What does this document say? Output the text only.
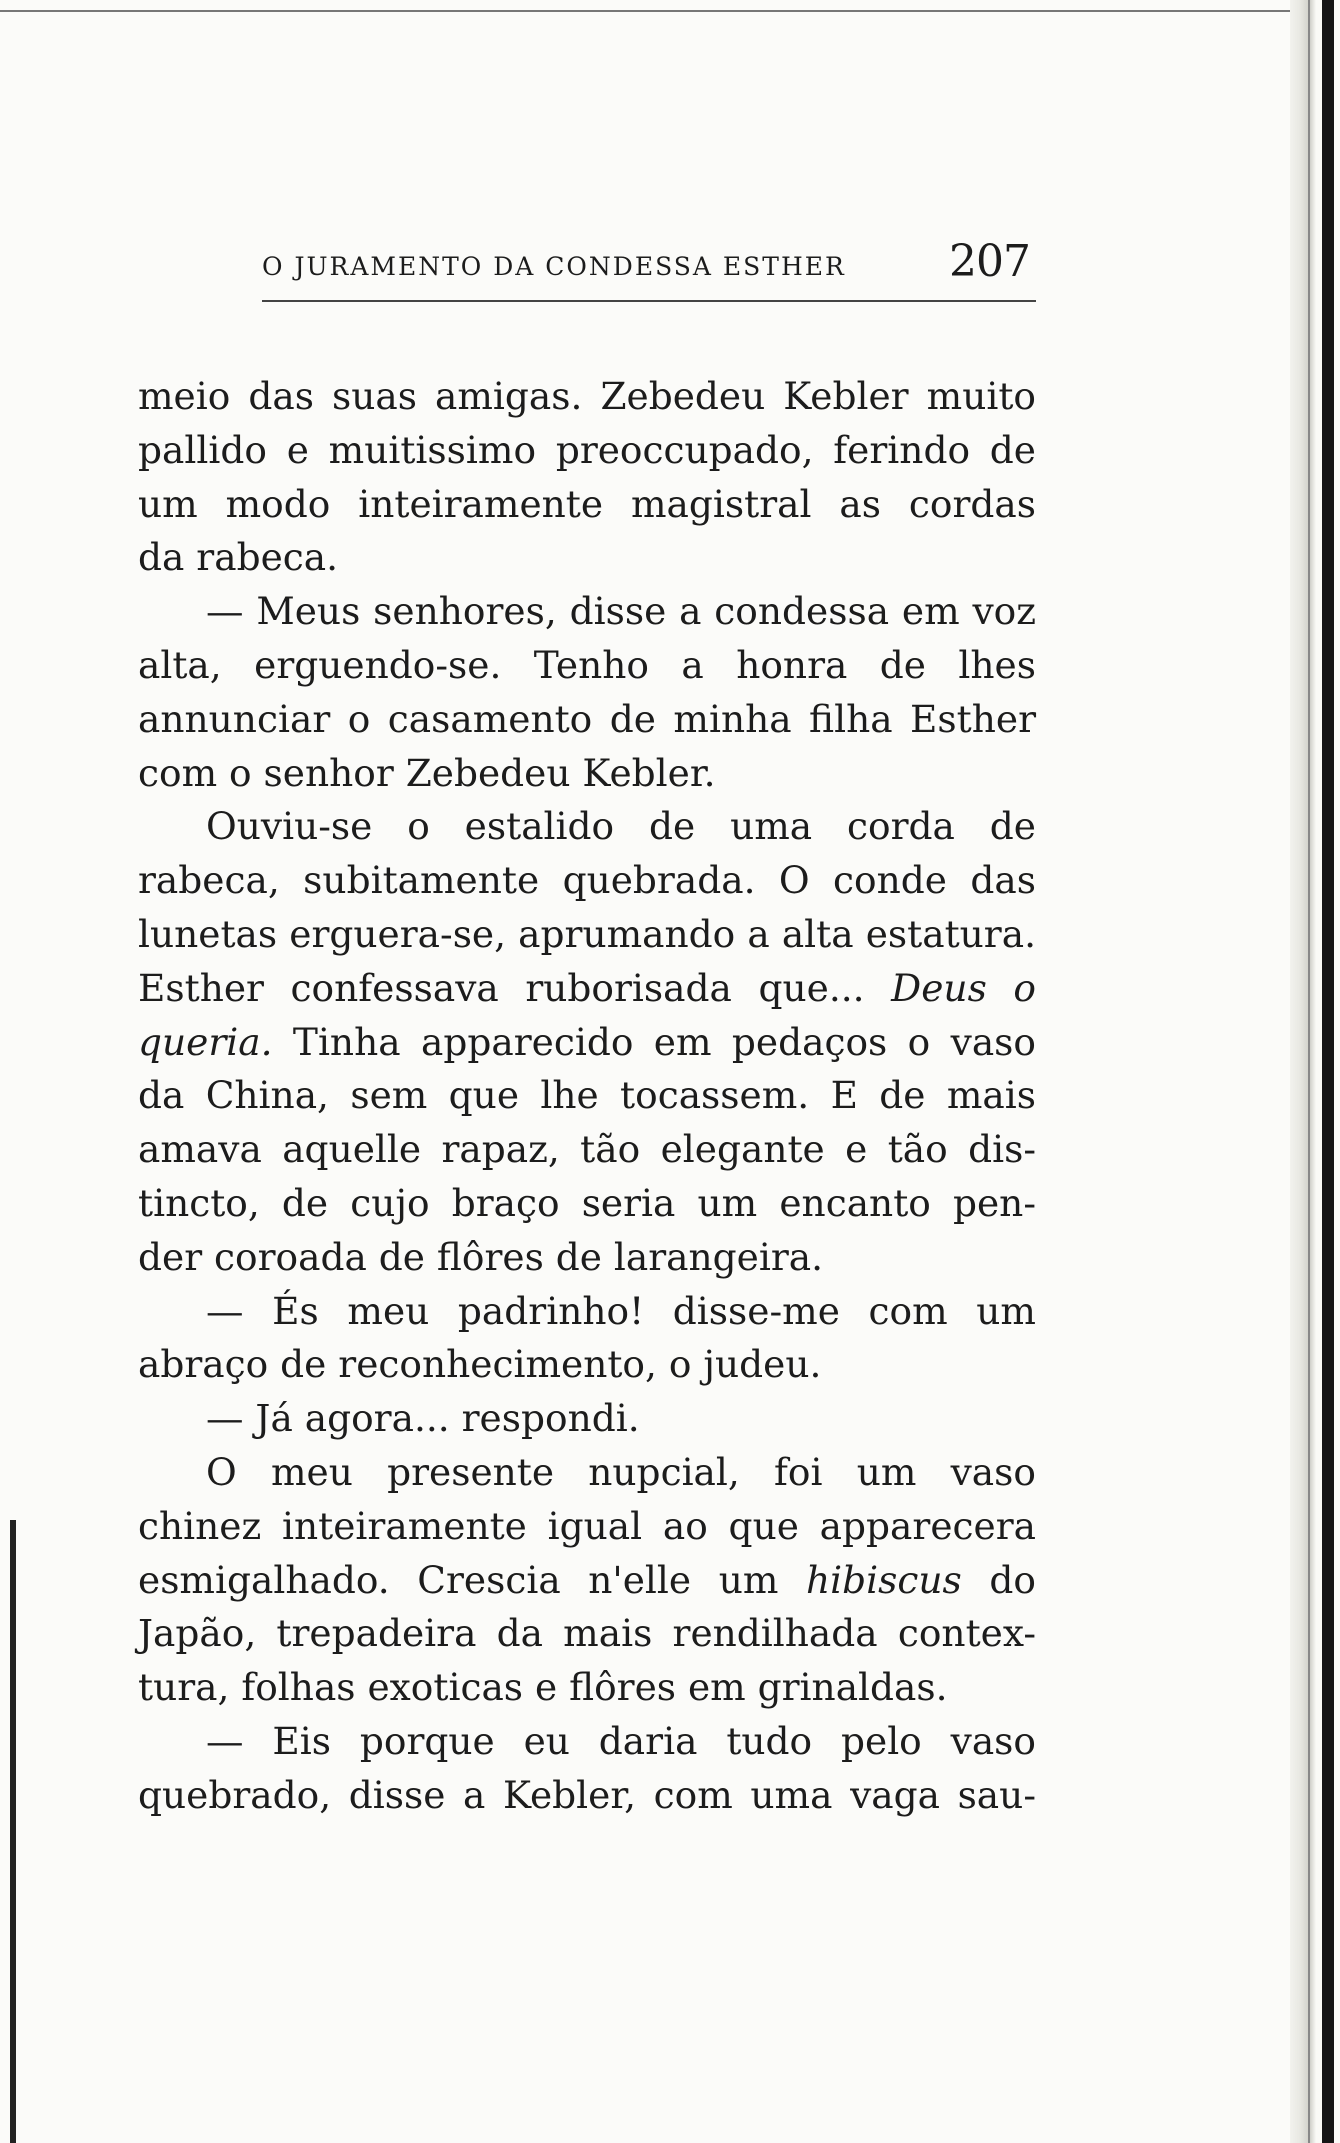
O JURAMENTO DA CONDESSA ESTHER 207
meio das suas amigas. Zebedeu Kebler muito
pallido e muitissimo preoccupado, ferindo de
um modo inteiramente magistral as cordas
da rabeca.
— Meus senhores, disse a condessa em voz
alta, erguendo-se. Tenho a honra de lhes
annunciar o casamento de minha filha Esther
com o senhor Zebedeu Kebler.
Ouviu-se o estalido de uma corda de
rabeca, subitamente quebrada. O conde das
lunetas erguera-se, aprumando a alta estatura.
Esther confessava ruborisada que... Deus o
queria. Tinha apparecido em pedaços o vaso
da China, sem que lhe tocassem. E de mais
amava aquelle rapaz, tão elegante e tão dis-
tincto, de cujo braço seria um encanto pen-
der coroada de flôres de larangeira.
— És meu padrinho! disse-me com um
abraço de reconhecimento, o judeu.
— Já agora... respondi.
O meu presente nupcial, foi um vaso
chinez inteiramente igual ao que apparecera
esmigalhado. Crescia n'elle um hibiscus do
Japão, trepadeira da mais rendilhada contex-
tura, folhas exoticas e flôres em grinaldas.
— Eis porque eu daria tudo pelo vaso
quebrado, disse a Kebler, com uma vaga sau-
